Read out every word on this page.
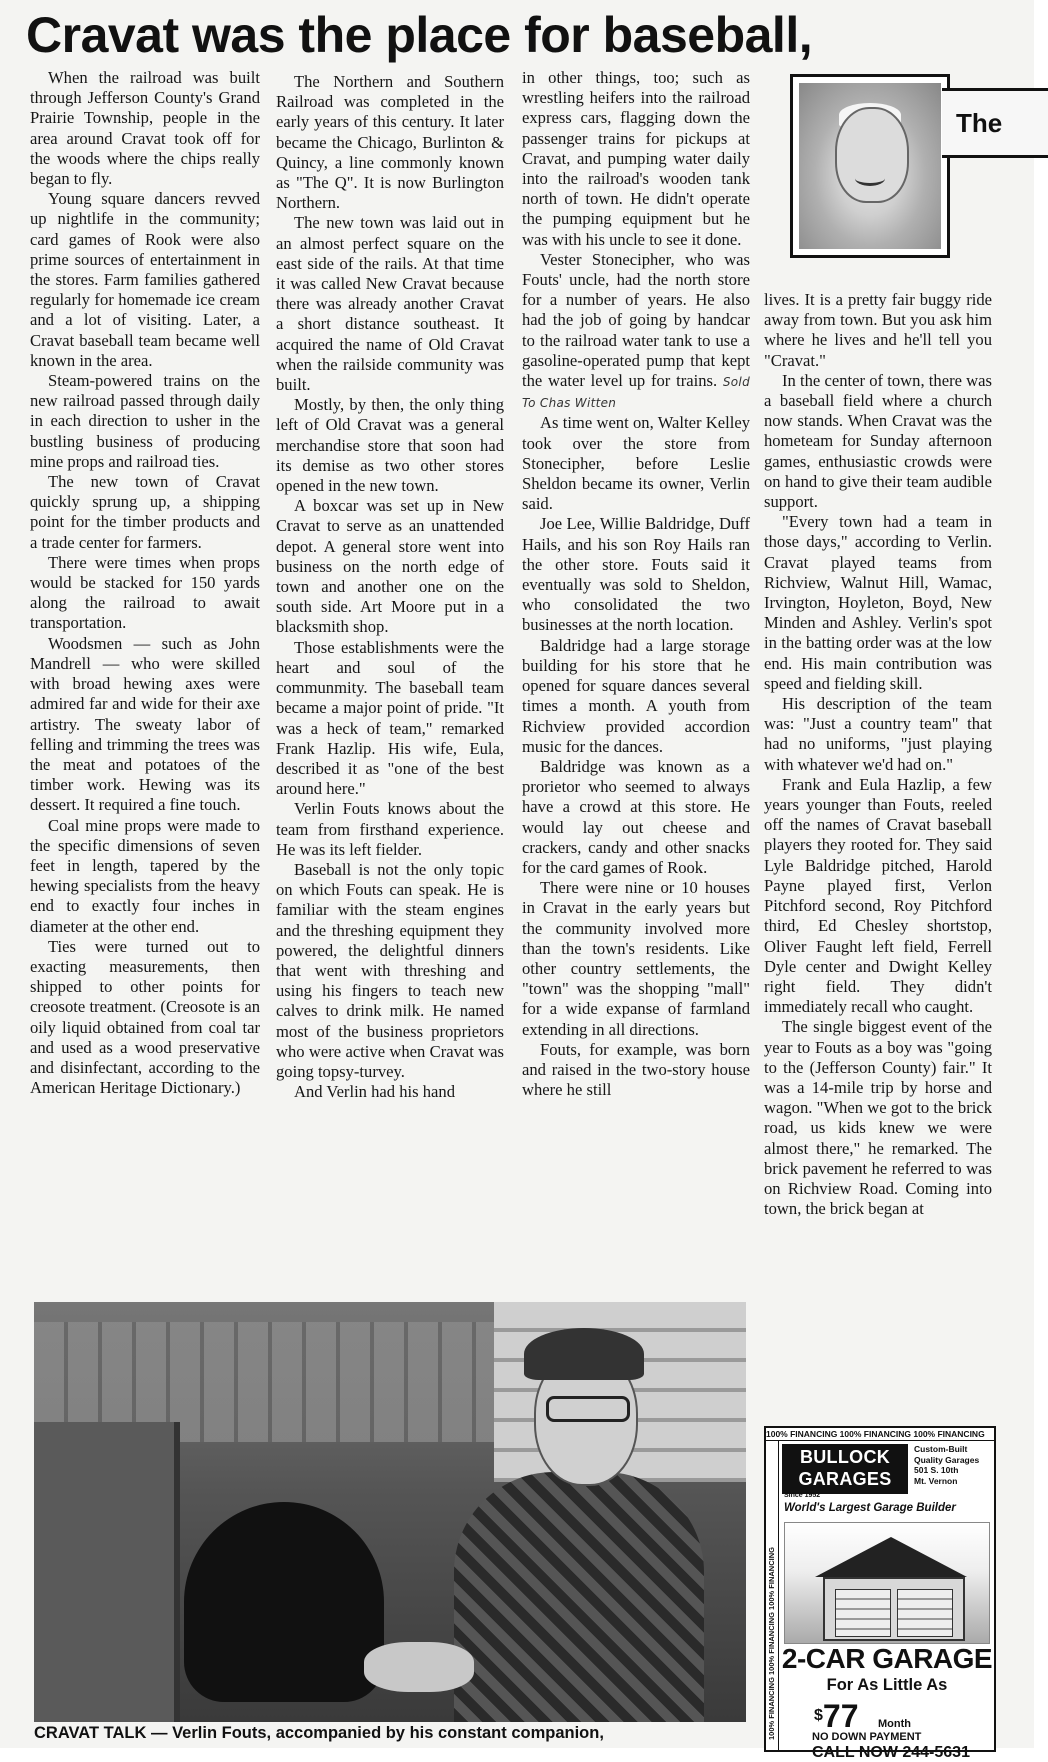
Cravat was the place for baseball,

When the railroad was built through Jefferson County's Grand Prairie Township, people in the area around Cravat took off for the woods where the chips really began to fly.

Young square dancers revved up nightlife in the community; card games of Rook were also prime sources of entertainment in the stores. Farm families gathered regularly for homemade ice cream and a lot of visiting. Later, a Cravat baseball team became well known in the area.

Steam-powered trains on the new railroad passed through daily in each direction to usher in the bustling business of producing mine props and railroad ties.

The new town of Cravat quickly sprung up, a shipping point for the timber products and a trade center for farmers.

There were times when props would be stacked for 150 yards along the railroad to await transportation.

Woodsmen — such as John Mandrell — who were skilled with broad hewing axes were admired far and wide for their axe artistry. The sweaty labor of felling and trimming the trees was the meat and potatoes of the timber work. Hewing was its dessert. It required a fine touch.

Coal mine props were made to the specific dimensions of seven feet in length, tapered by the hewing specialists from the heavy end to exactly four inches in diameter at the other end.

Ties were turned out to exacting measurements, then shipped to other points for creosote treatment. (Creosote is an oily liquid obtained from coal tar and used as a wood preservative and disinfectant, according to the American Heritage Dictionary.)

The Northern and Southern Railroad was completed in the early years of this century. It later became the Chicago, Burlinton & Quincy, a line commonly known as "The Q". It is now Burlington Northern.

The new town was laid out in an almost perfect square on the east side of the rails. At that time it was called New Cravat because there was already another Cravat a short distance southeast. It acquired the name of Old Cravat when the railside community was built.

Mostly, by then, the only thing left of Old Cravat was a general merchandise store that soon had its demise as two other stores opened in the new town.

A boxcar was set up in New Cravat to serve as an unattended depot. A general store went into business on the north edge of town and another one on the south side. Art Moore put in a blacksmith shop.

Those establishments were the heart and soul of the communmity. The baseball team became a major point of pride. "It was a heck of team," remarked Frank Hazlip. His wife, Eula, described it as "one of the best around here."

Verlin Fouts knows about the team from firsthand experience. He was its left fielder.

Baseball is not the only topic on which Fouts can speak. He is familiar with the steam engines and the threshing equipment they powered, the delightful dinners that went with threshing and using his fingers to teach new calves to drink milk. He named most of the business proprietors who were active when Cravat was going topsy-turvey.

And Verlin had his hand

in other things, too; such as wrestling heifers into the railroad express cars, flagging down the passenger trains for pickups at Cravat, and pumping water daily into the railroad's wooden tank north of town. He didn't operate the pumping equipment but he was with his uncle to see it done.

Vester Stonecipher, who was Fouts' uncle, had the north store for a number of years. He also had the job of going by handcar to the railroad water tank to use a gasoline-operated pump that kept the water level up for trains. Sold To Chas Witten

As time went on, Walter Kelley took over the store from Stonecipher, before Leslie Sheldon became its owner, Verlin said.

Joe Lee, Willie Baldridge, Duff Hails, and his son Roy Hails ran the other store. Fouts said it eventually was sold to Sheldon, who consolidated the two businesses at the north location.

Baldridge had a large storage building for his store that he opened for square dances several times a month. A youth from Richview provided accordion music for the dances.

Baldridge was known as a prorietor who seemed to always have a crowd at this store. He would lay out cheese and crackers, candy and other snacks for the card games of Rook.

There were nine or 10 houses in Cravat in the early years but the community involved more than the town's residents. Like other country settlements, the "town" was the shopping "mall" for a wide expanse of farmland extending in all directions.

Fouts, for example, was born and raised in the two-story house where he still

The

lives. It is a pretty fair buggy ride away from town. But you ask him where he lives and he'll tell you "Cravat."

In the center of town, there was a baseball field where a church now stands. When Cravat was the hometeam for Sunday afternoon games, enthusiastic crowds were on hand to give their team audible support.

"Every town had a team in those days," according to Verlin. Cravat played teams from Richview, Walnut Hill, Wamac, Irvington, Hoyleton, Boyd, New Minden and Ashley. Verlin's spot in the batting order was at the low end. His main contribution was speed and fielding skill.

His description of the team was: "Just a country team" that had no uniforms, "just playing with whatever we'd had on."

Frank and Eula Hazlip, a few years younger than Fouts, reeled off the names of Cravat baseball players they rooted for. They said Lyle Baldridge pitched, Harold Payne played first, Verlon Pitchford second, Roy Pitchford third, Ed Chesley shortstop, Oliver Faught left field, Ferrell Dyle center and Dwight Kelley right field. They didn't immediately recall who caught.

The single biggest event of the year to Fouts as a boy was "going to the (Jefferson County) fair." It was a 14-mile trip by horse and wagon. "When we got to the brick road, us kids knew we were almost there," he remarked. The brick pavement he referred to was on Richview Road. Coming into town, the brick began at

CRAVAT TALK — Verlin Fouts, accompanied by his constant companion,
100% FINANCING 100% FINANCING 100% FINANCING
100% FINANCING 100% FINANCING 100% FINANCING
BULLOCK
GARAGES
Since 1952
Custom-Built
Quality Garages
501 S. 10th
Mt. Vernon
World's Largest Garage Builder
2-CAR GARAGE
For As Little As
$77 Month
NO DOWN PAYMENT
CALL NOW 244-5631
